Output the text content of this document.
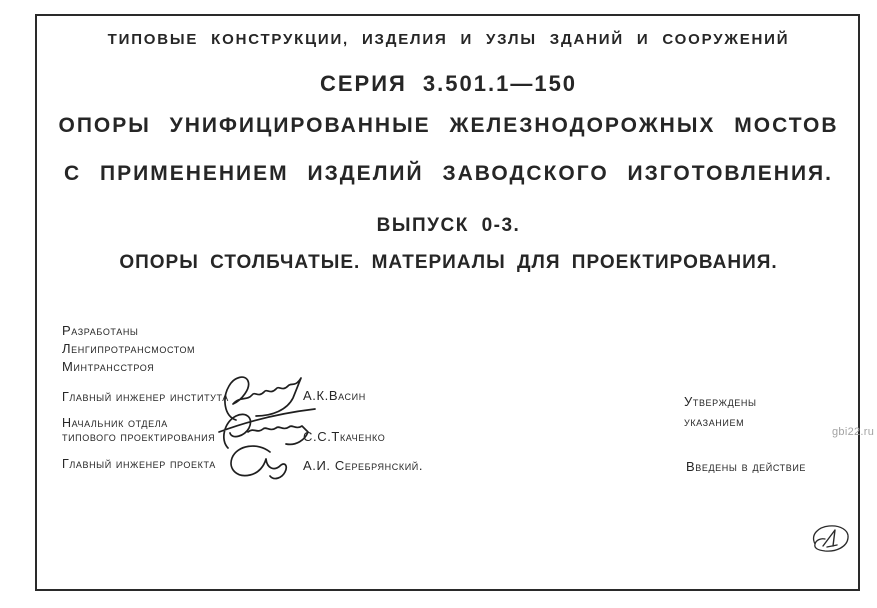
ТИПОВЫЕ КОНСТРУКЦИИ, ИЗДЕЛИЯ И УЗЛЫ ЗДАНИЙ И СООРУЖЕНИЙ
СЕРИЯ 3.501.1—150
ОПОРЫ УНИФИЦИРОВАННЫЕ ЖЕЛЕЗНОДОРОЖНЫХ МОСТОВ
С ПРИМЕНЕНИЕМ ИЗДЕЛИЙ ЗАВОДСКОГО ИЗГОТОВЛЕНИЯ.
ВЫПУСК 0-3.
ОПОРЫ СТОЛБЧАТЫЕ. МАТЕРИАЛЫ ДЛЯ ПРОЕКТИРОВАНИЯ.
Разработаны
Ленгипротрансмостом
Минтрансстроя
Главный инженер института
Начальник отдела
типового проектирования
Главный инженер проекта
А.К.Васин
С.С.Ткаченко
А.И. Серебрянский.
Утверждены
указанием
Введены в действие
gbi22.ru
